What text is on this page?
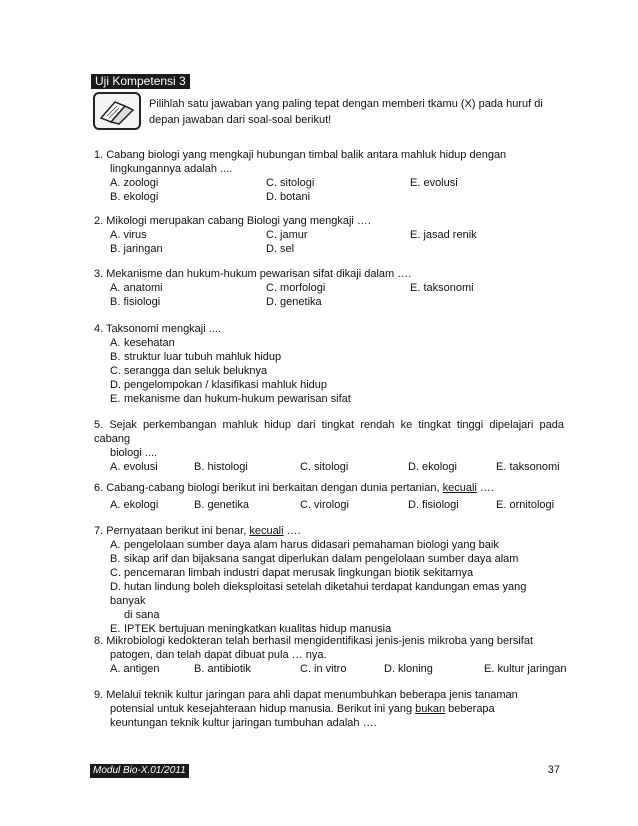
Uji Kompetensi 3
Pilihlah satu jawaban yang paling tepat dengan memberi tkamu (X) pada huruf di
depan jawaban dari soal-soal berikut!
1. Cabang biologi yang mengkaji hubungan timbal balik antara mahluk hidup dengan
lingkungannya adalah ....
A. zoologi	C. sitologi	E. evolusi
B. ekologi	D. botani
2. Mikologi merupakan cabang Biologi yang mengkaji ….
A. virus	C. jamur	E. jasad renik
B. jaringan	D. sel
3. Mekanisme dan hukum-hukum pewarisan sifat dikaji dalam ….
A. anatomi	C. morfologi	E. taksonomi
B. fisiologi	D. genetika
4. Taksonomi mengkaji ....
A. kesehatan
B. struktur luar tubuh mahluk hidup
C. serangga dan seluk beluknya
D. pengelompokan / klasifikasi mahluk hidup
E. mekanisme dan hukum-hukum pewarisan sifat
5. Sejak perkembangan mahluk hidup dari tingkat rendah ke tingkat tinggi dipelajari pada cabang
biologi ....
A. evolusi	B. histologi	C. sitologi	D. ekologi	E. taksonomi
6. Cabang-cabang biologi berikut ini berkaitan dengan dunia pertanian, kecuali ….
A. ekologi	B. genetika	C. virologi	D. fisiologi	E. ornitologi
7. Pernyataan berikut ini benar, kecuali ….
A. pengelolaan sumber daya alam harus didasari pemahaman biologi yang baik
B. sikap arif dan bijaksana sangat diperlukan dalam pengelolaan sumber daya alam
C. pencemaran limbah industri dapat merusak lingkungan biotik sekitarnya
D. hutan lindung boleh dieksploitasi setelah diketahui terdapat kandungan emas yang banyak
di sana
E. IPTEK bertujuan meningkatkan kualitas hidup manusia
8. Mikrobiologi kedokteran telah berhasil mengidentifikasi jenis-jenis mikroba yang bersifat
patogen, dan telah dapat dibuat pula … nya.
A. antigen	B. antibiotik	C. in vitro	D. kloning	E. kultur jaringan
9. Melalui teknik kultur jaringan para ahli dapat menumbuhkan beberapa jenis tanaman
potensial untuk kesejahteraan hidup manusia. Berikut ini yang bukan beberapa
keuntungan teknik kultur jaringan tumbuhan adalah ….
Modul Bio-X.01/2011	37
